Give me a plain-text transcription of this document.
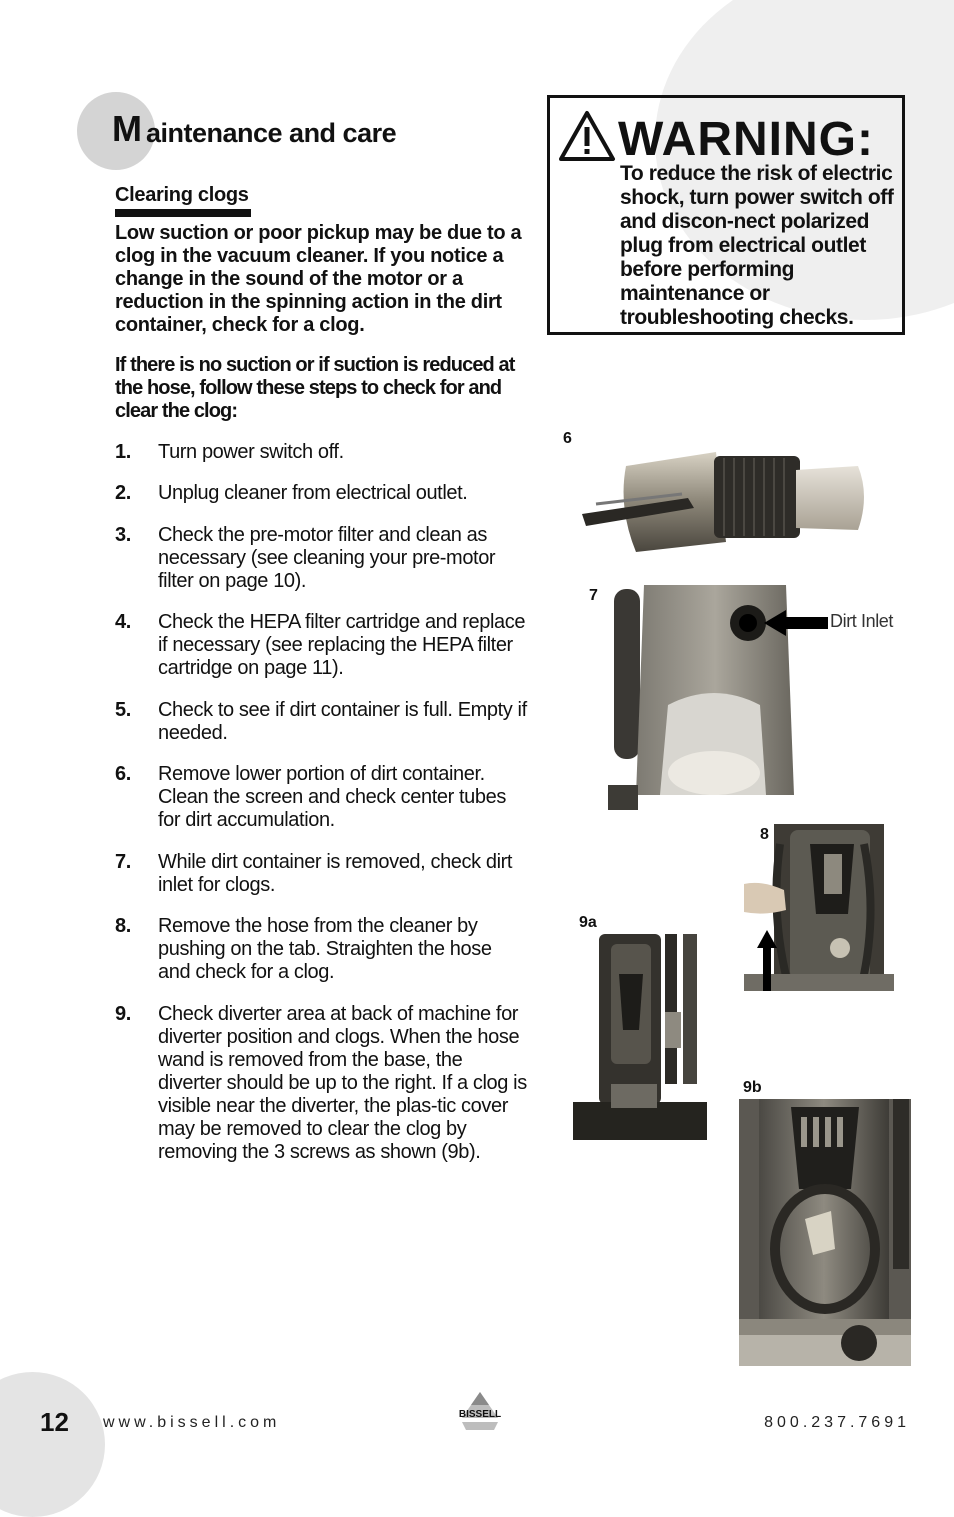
M aintenance and care
Clearing clogs

Low suction or poor pickup may be due to a clog in the vacuum cleaner. If you notice a change in the sound of the motor or a reduction in the spinning action in the dirt container, check for a clog.

If there is no suction or if suction is reduced at the hose, follow these steps to check for and clear the clog:

1. Turn power switch off.
2. Unplug cleaner from electrical outlet.
3. Check the pre-motor filter and clean as necessary (see cleaning your pre-motor filter on page 10).
4. Check the HEPA filter cartridge and replace if necessary (see replacing the HEPA filter cartridge on page 11).
5. Check to see if dirt container is full. Empty if needed.
6. Remove lower portion of dirt container. Clean the screen and check center tubes for dirt accumulation.
7. While dirt container is removed, check dirt inlet for clogs.
8. Remove the hose from the cleaner by pushing on the tab. Straighten the hose and check for a clog.
9. Check diverter area at back of machine for diverter position and clogs. When the hose wand is removed from the base, the diverter should be up to the right. If a clog is visible near the diverter, the plas-tic cover may be removed to clear the clog by removing the 3 screws as shown (9b).
WARNING:

To reduce the risk of electric shock, turn power switch off and discon-nect polarized plug from electrical outlet before performing maintenance or troubleshooting checks.

6
7
Dirt Inlet
8
9a
9b
12 www.bissell.com	800.237.7691
BISSELL
